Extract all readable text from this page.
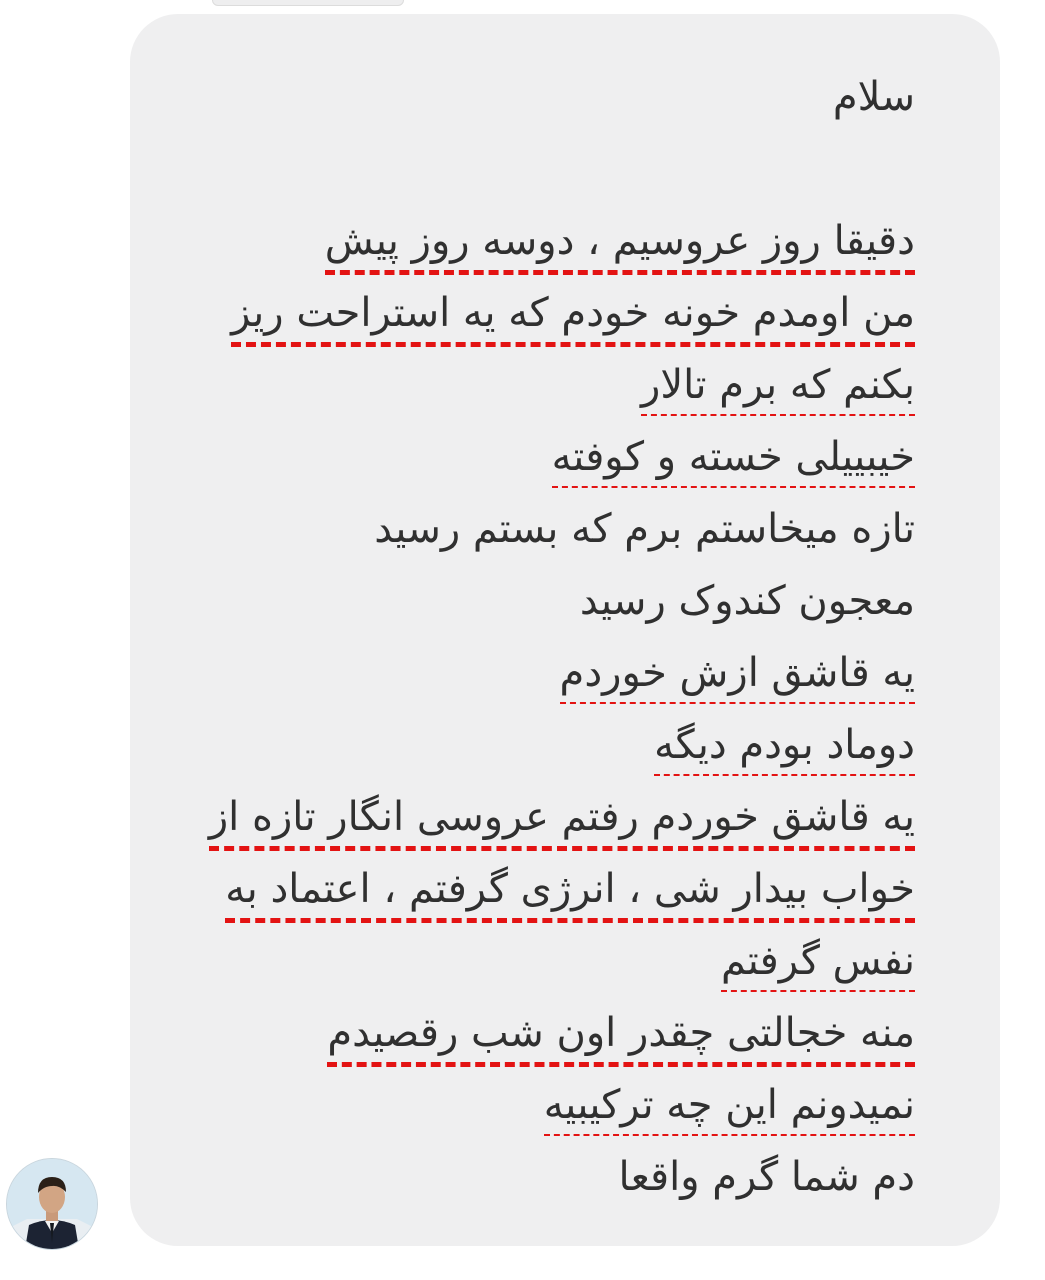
سلام
دقیقا روز عروسیم ، دوسه روز پیش
من اومدم خونه خودم که یه استراحت ریز
بکنم که برم تالار
خیبییلی خسته و کوفته
تازه میخاستم برم که بستم رسید
معجون کندوک رسید
یه قاشق ازش خوردم
دوماد بودم دیگه
یه قاشق خوردم رفتم عروسی انگار تازه از
خواب بیدار شی ، انرژی گرفتم ، اعتماد به
نفس گرفتم
منه خجالتی چقدر اون شب رقصیدم
نمیدونم این چه ترکیبیه
دم شما گرم واقعا
